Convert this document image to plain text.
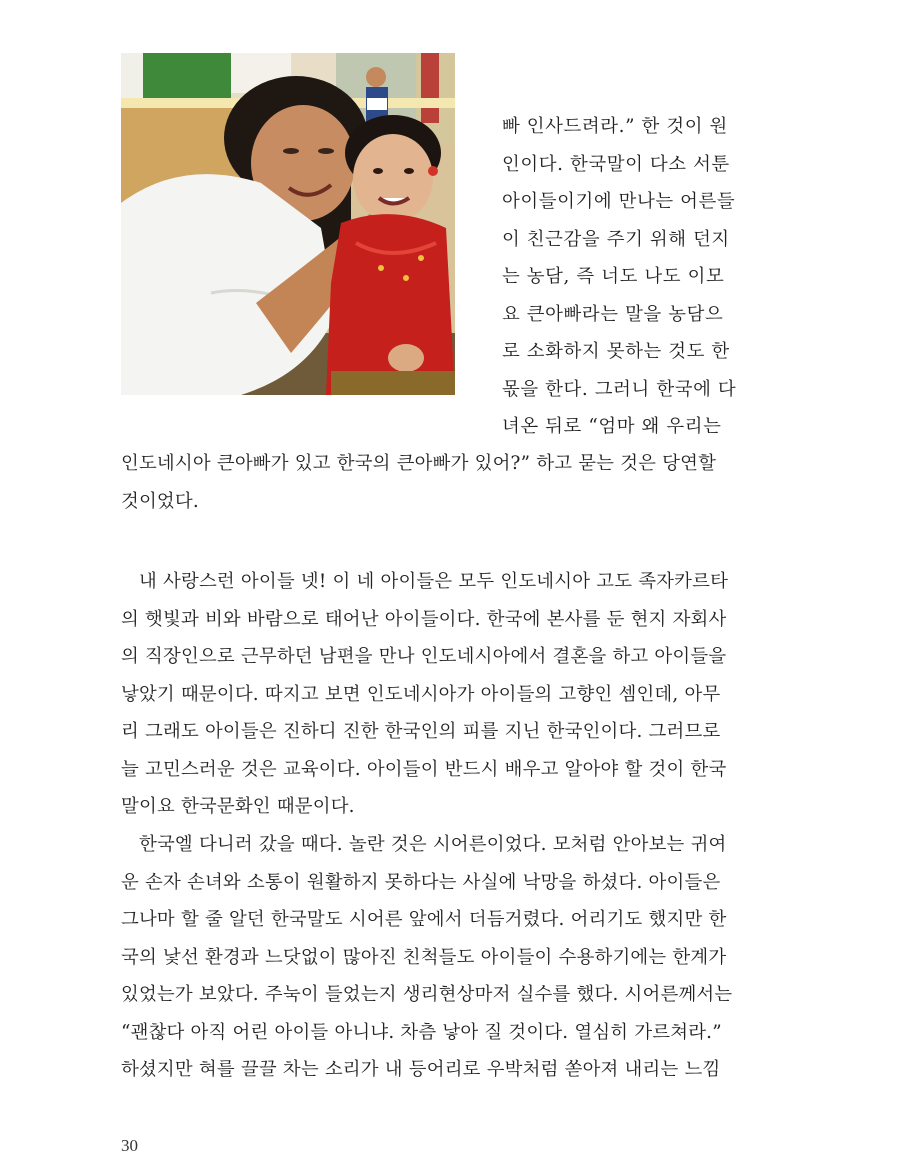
빠 인사드려라.” 한 것이 원
인이다. 한국말이 다소 서툰
아이들이기에 만나는 어른들
이 친근감을 주기 위해 던지
는 농담, 즉 너도 나도 이모
요 큰아빠라는 말을 농담으
로 소화하지 못하는 것도 한
몫을 한다. 그러니 한국에 다
녀온 뒤로 “엄마 왜 우리는
인도네시아 큰아빠가 있고 한국의 큰아빠가 있어?” 하고 묻는 것은 당연할
것이었다.
내 사랑스런 아이들 넷! 이 네 아이들은 모두 인도네시아 고도 족자카르타
의 햇빛과 비와 바람으로 태어난 아이들이다. 한국에 본사를 둔 현지 자회사
의 직장인으로 근무하던 남편을 만나 인도네시아에서 결혼을 하고 아이들을
낳았기 때문이다. 따지고 보면 인도네시아가 아이들의 고향인 셈인데, 아무
리 그래도 아이들은 진하디 진한 한국인의 피를 지닌 한국인이다. 그러므로
늘 고민스러운 것은 교육이다. 아이들이 반드시 배우고 알아야 할 것이 한국
말이요 한국문화인 때문이다.
한국엘 다니러 갔을 때다. 놀란 것은 시어른이었다. 모처럼 안아보는 귀여
운 손자 손녀와 소통이 원활하지 못하다는 사실에 낙망을 하셨다. 아이들은
그나마 할 줄 알던 한국말도 시어른 앞에서 더듬거렸다. 어리기도 했지만 한
국의 낯선 환경과 느닷없이 많아진 친척들도 아이들이 수용하기에는 한계가
있었는가 보았다. 주눅이 들었는지 생리현상마저 실수를 했다. 시어른께서는
“괜찮다 아직 어린 아이들 아니냐. 차츰 낳아 질 것이다. 열심히 가르쳐라.”
하셨지만 혀를 끌끌 차는 소리가 내 등어리로 우박처럼 쏟아져 내리는 느낌
30
